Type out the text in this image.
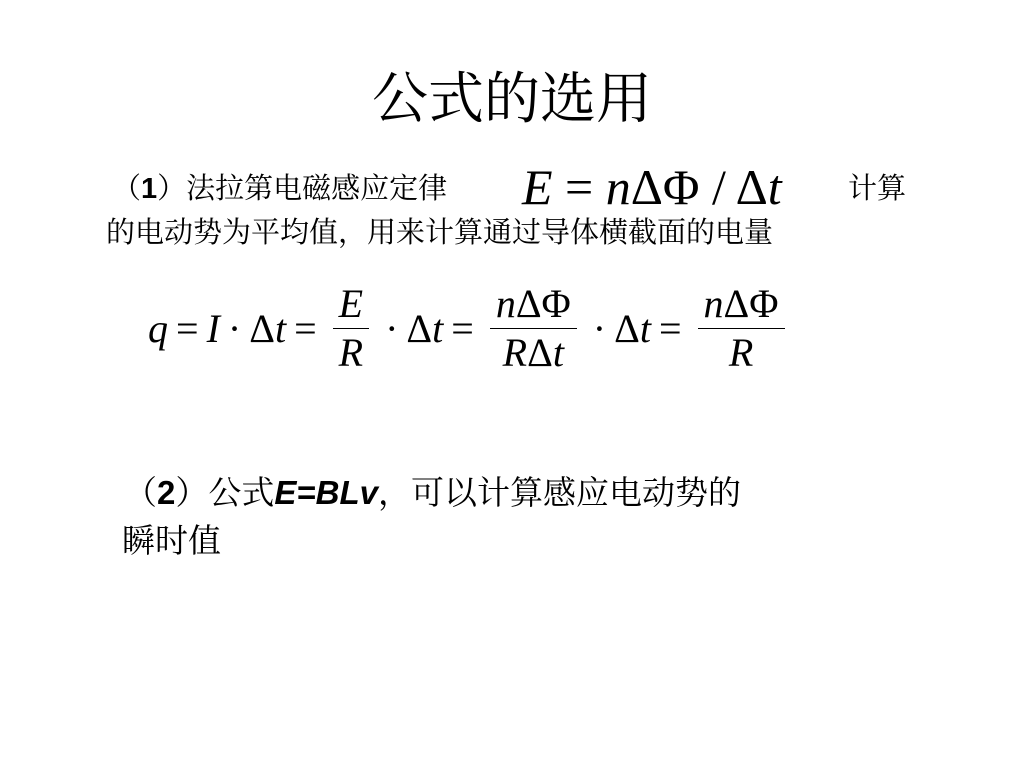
公式的选用
（1）法拉第电磁感应定律 E = nΔΦ / Δt 计算
的电动势为平均值，用来计算通过导体横截面的电量
$q = I \cdot \Delta t = \frac{E}{R} \cdot \Delta t = \frac{\text{nΔΦ}}{\text{RΔt}} \cdot \Delta t = \frac{\text{nΔΦ}}{R}$
（2）公式E=BLv，可以计算感应电动势的
瞬时值
